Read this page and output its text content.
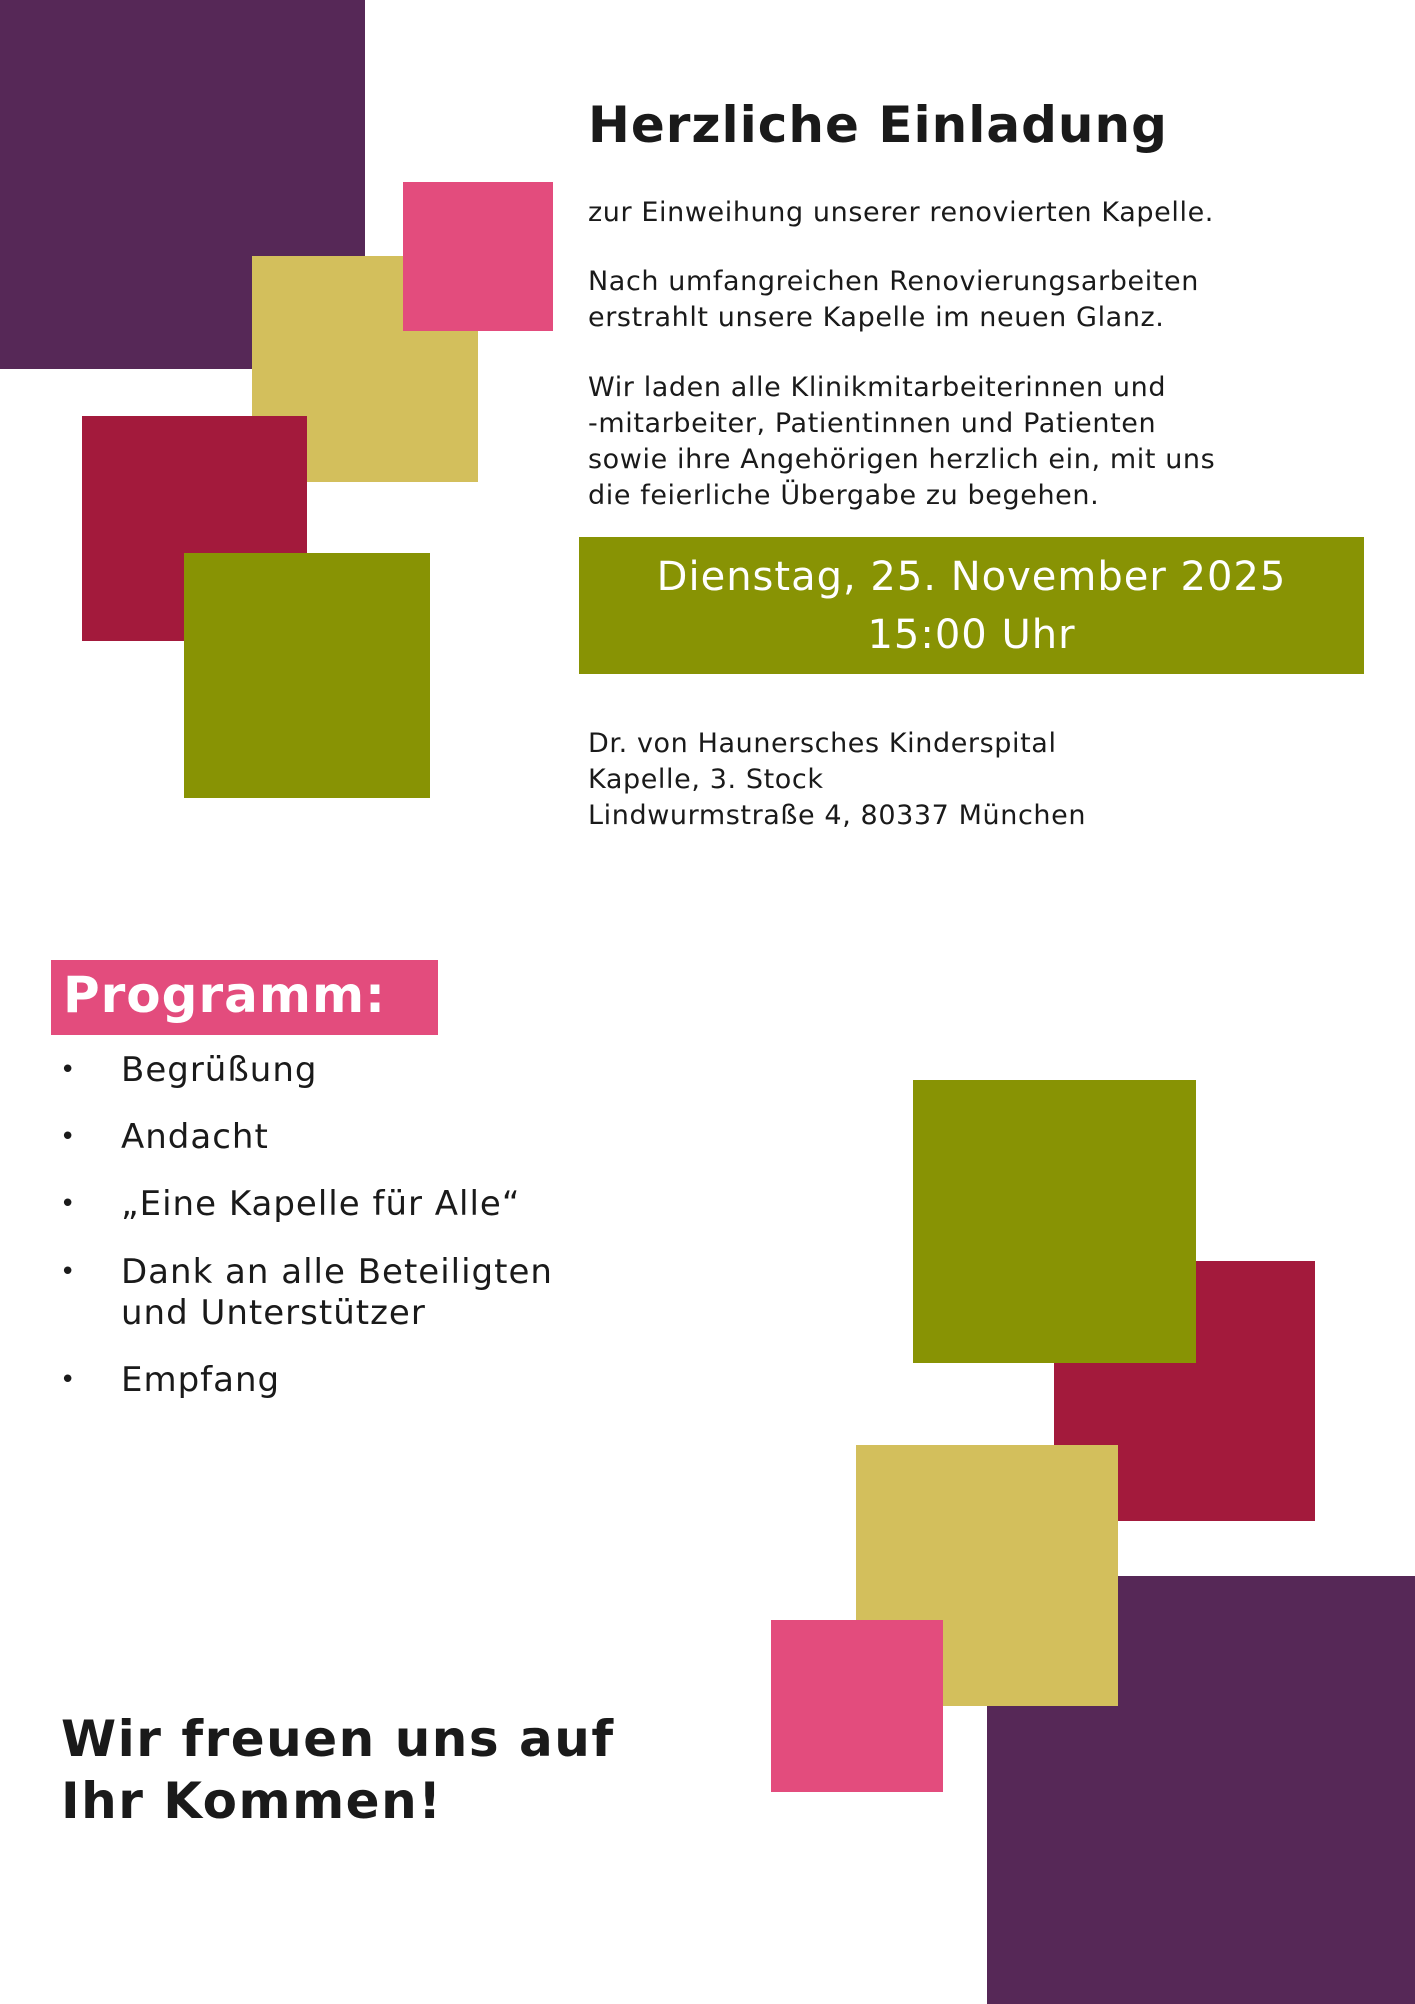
Herzliche Einladung
zur Einweihung unserer renovierten Kapelle.
Nach umfangreichen Renovierungsarbeiten
erstrahlt unsere Kapelle im neuen Glanz.
Wir laden alle Klinikmitarbeiterinnen und
-mitarbeiter, Patientinnen und Patienten
sowie ihre Angehörigen herzlich ein, mit uns
die feierliche Übergabe zu begehen.
Dienstag, 25. November 2025
15:00 Uhr
Dr. von Haunersches Kinderspital
Kapelle, 3. Stock
Lindwurmstraße 4, 80337 München
Programm:
• Begrüßung
• Andacht
• „Eine Kapelle für Alle“
• Dank an alle Beteiligten
und Unterstützer
• Empfang
Wir freuen uns auf
Ihr Kommen!
